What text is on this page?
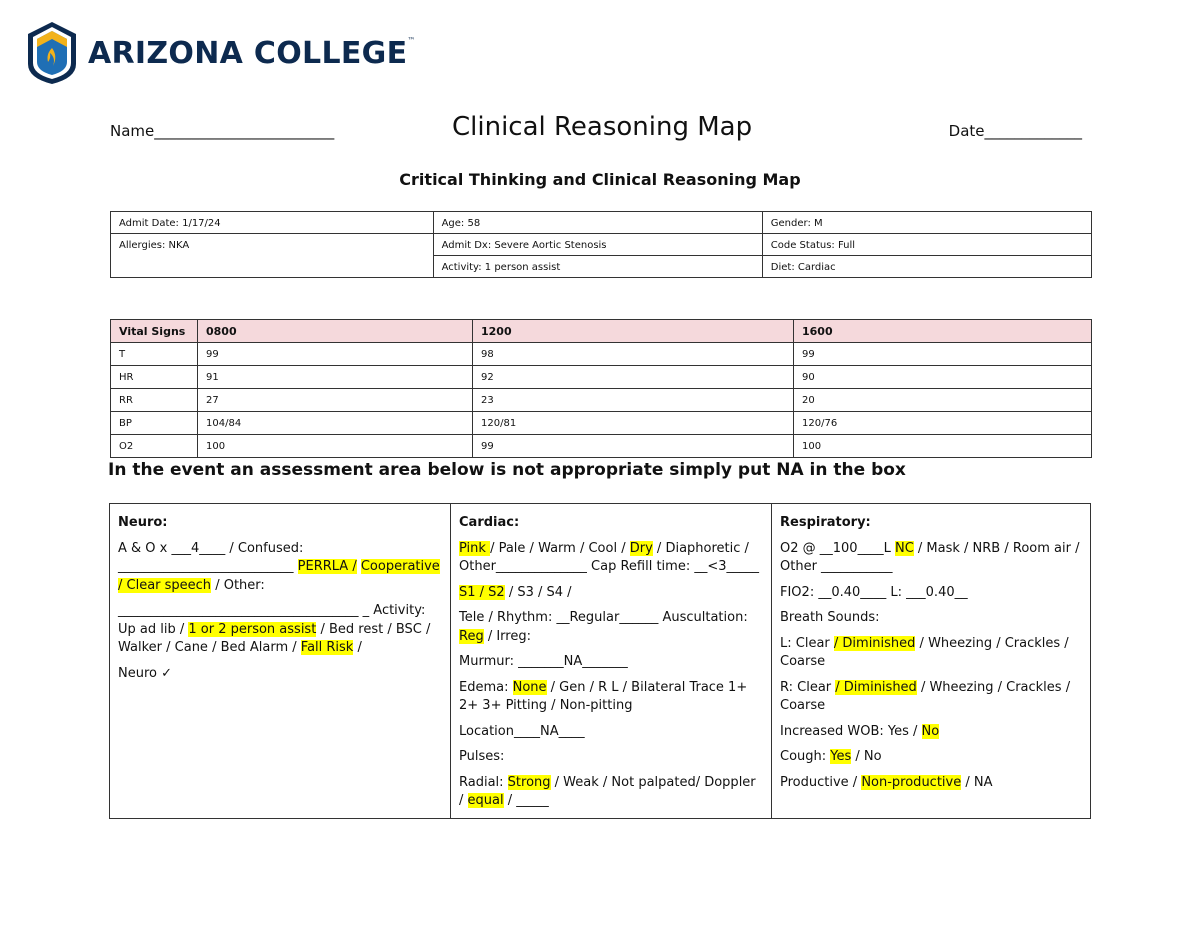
ARIZONA COLLEGE™
Name________________________	Clinical Reasoning Map	Date_____________
Critical Thinking and Clinical Reasoning Map
Admit Date: 1/17/24	Age: 58	Gender: M
Allergies: NKA	Admit Dx: Severe Aortic Stenosis	Code Status: Full
	Activity: 1 person assist	Diet: Cardiac
Vital Signs	0800	1200	1600
T	99	98	99
HR	91	92	90
RR	27	23	20
BP	104/84	120/81	120/76
O2	100	99	100
In the event an assessment area below is not appropriate simply put NA in the box
Neuro:
A & O x ___4____ / Confused: ___________________________ PERRLA / Cooperative / Clear speech / Other:
_____________________________________ _ Activity: Up ad lib / 1 or 2 person assist / Bed rest / BSC / Walker / Cane / Bed Alarm / Fall Risk /
Neuro ✓

Cardiac:
Pink / Pale / Warm / Cool / Dry / Diaphoretic / Other______________ Cap Refill time: __<3_____
S1 / S2 / S3 / S4 /
Tele / Rhythm: __Regular______ Auscultation: Reg / Irreg:
Murmur: _______NA_______
Edema: None / Gen / R L / Bilateral Trace 1+ 2+ 3+ Pitting / Non-pitting
Location____NA____
Pulses:
Radial: Strong / Weak / Not palpated/ Doppler / equal / _____

Respiratory:
O2 @ __100____L NC / Mask / NRB / Room air / Other ___________
FIO2: __0.40____ L: ___0.40__
Breath Sounds:
L: Clear / Diminished / Wheezing / Crackles / Coarse
R: Clear / Diminished / Wheezing / Crackles / Coarse
Increased WOB: Yes / No
Cough: Yes / No
Productive / Non-productive / NA
